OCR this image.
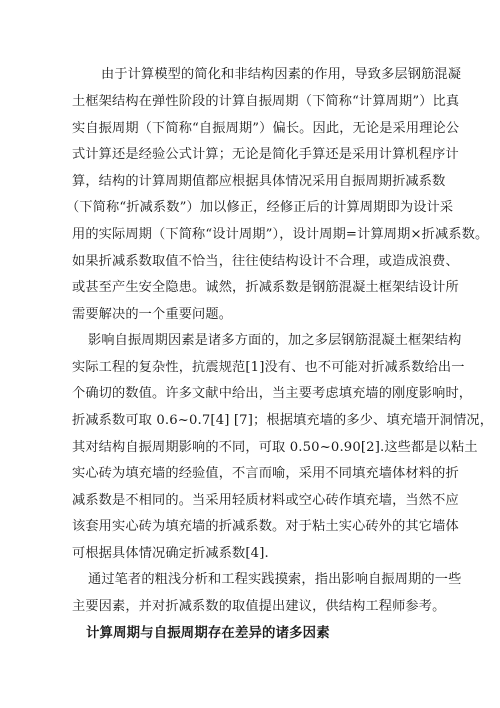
由于计算模型的简化和非结构因素的作用，导致多层钢筋混凝
土框架结构在弹性阶段的计算自振周期（下简称“计算周期”）比真
实自振周期（下简称“自振周期”）偏长。因此，无论是采用理论公
式计算还是经验公式计算；无论是简化手算还是采用计算机程序计
算，结构的计算周期值都应根据具体情况采用自振周期折减系数
（下简称“折减系数”）加以修正，经修正后的计算周期即为设计采
用的实际周期（下简称“设计周期”），设计周期=计算周期×折减系数。
如果折减系数取值不恰当，往往使结构设计不合理，或造成浪费、
或甚至产生安全隐患。诚然，折减系数是钢筋混凝土框架结设计所
需要解决的一个重要问题。
影响自振周期因素是诸多方面的，加之多层钢筋混凝土框架结构
实际工程的复杂性，抗震规范[1]没有、也不可能对折减系数给出一
个确切的数值。许多文献中给出，当主要考虑填充墙的刚度影响时，
折减系数可取 0.6~0.7[4] [7]；根据填充墙的多少、填充墙开洞情况，
其对结构自振周期影响的不同，可取 0.50~0.90[2].这些都是以粘土
实心砖为填充墙的经验值，不言而喻，采用不同填充墙体材料的折
减系数是不相同的。当采用轻质材料或空心砖作填充墙，当然不应
该套用实心砖为填充墙的折减系数。对于粘土实心砖外的其它墙体
可根据具体情况确定折减系数[4].
通过笔者的粗浅分析和工程实践摸索，指出影响自振周期的一些
主要因素，并对折减系数的取值提出建议，供结构工程师参考。
计算周期与自振周期存在差异的诸多因素
